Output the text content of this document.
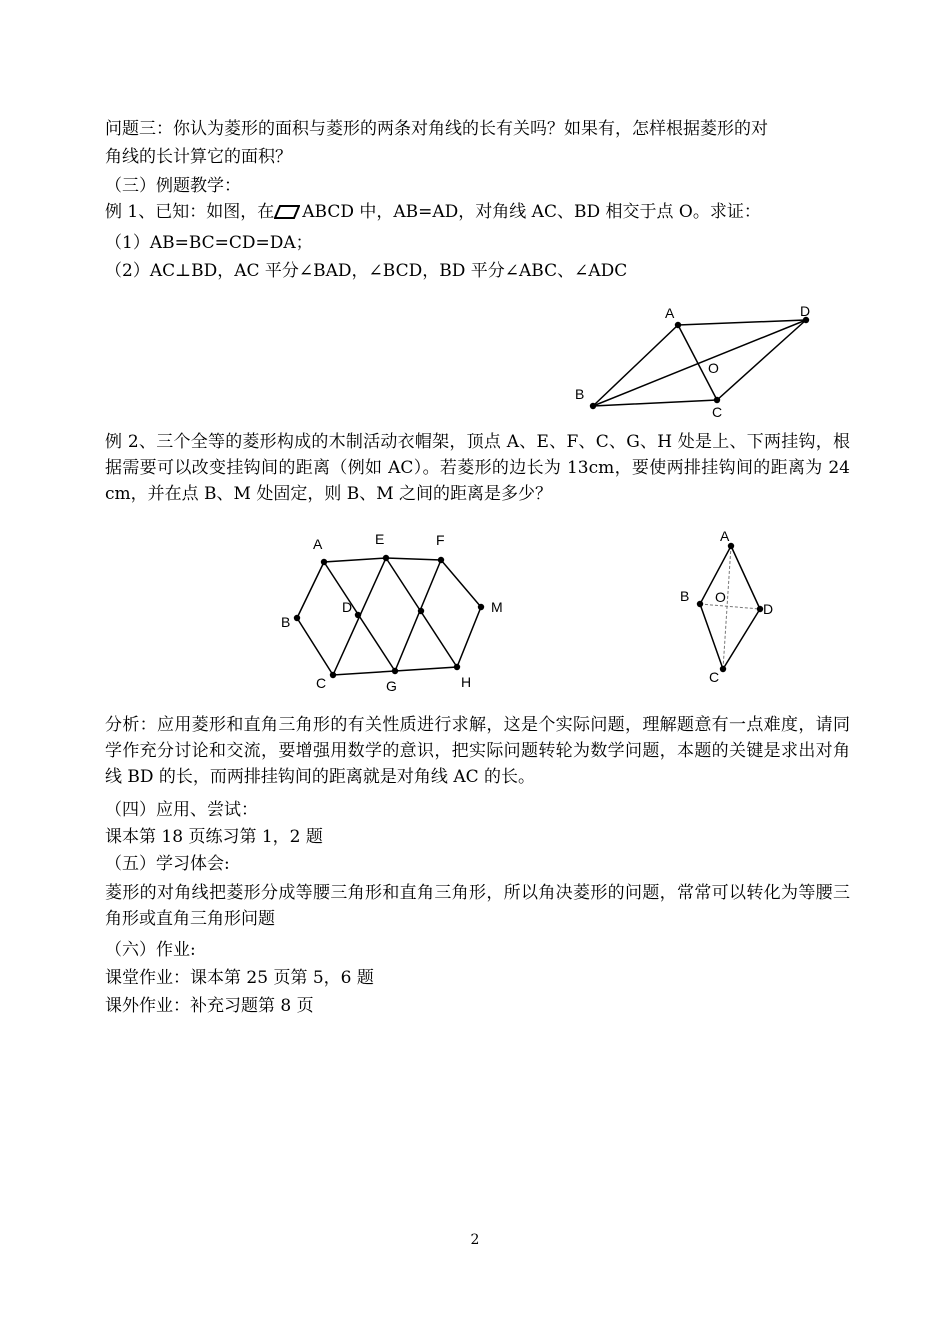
问题三：你认为菱形的面积与菱形的两条对角线的长有关吗？如果有，怎样根据菱形的对
角线的长计算它的面积？
（三）例题教学：
例 1、已知：如图，在 ABCD 中，AB=AD，对角线 AC、BD 相交于点 O。求证：
（1）AB=BC=CD=DA；
（2）AC⊥BD，AC 平分∠BAD，∠BCD，BD 平分∠ABC、∠ADC
A	D
O
B
C
例 2、三个全等的菱形构成的木制活动衣帽架，顶点 A、E、F、C、G、H 处是上、下两挂钩，根据需要可以改变挂钩间的距离（例如 AC）。若菱形的边长为 13cm，要使两排挂钩间的距离为 24 cm，并在点 B、M 处固定，则 B、M 之间的距离是多少？
A	E	F
B
D	M
C	G	H
A
B O
D
C
分析：应用菱形和直角三角形的有关性质进行求解，这是个实际问题，理解题意有一点难度，请同学作充分讨论和交流，要增强用数学的意识，把实际问题转轮为数学问题，本题的关键是求出对角线 BD 的长，而两排挂钩间的距离就是对角线 AC 的长。
（四）应用、尝试：
课本第 18 页练习第 1，2 题
（五）学习体会:
菱形的对角线把菱形分成等腰三角形和直角三角形，所以角决菱形的问题，常常可以转化为等腰三角形或直角三角形问题
（六）作业:
课堂作业：课本第 25 页第 5，6 题
课外作业：补充习题第 8 页
2
